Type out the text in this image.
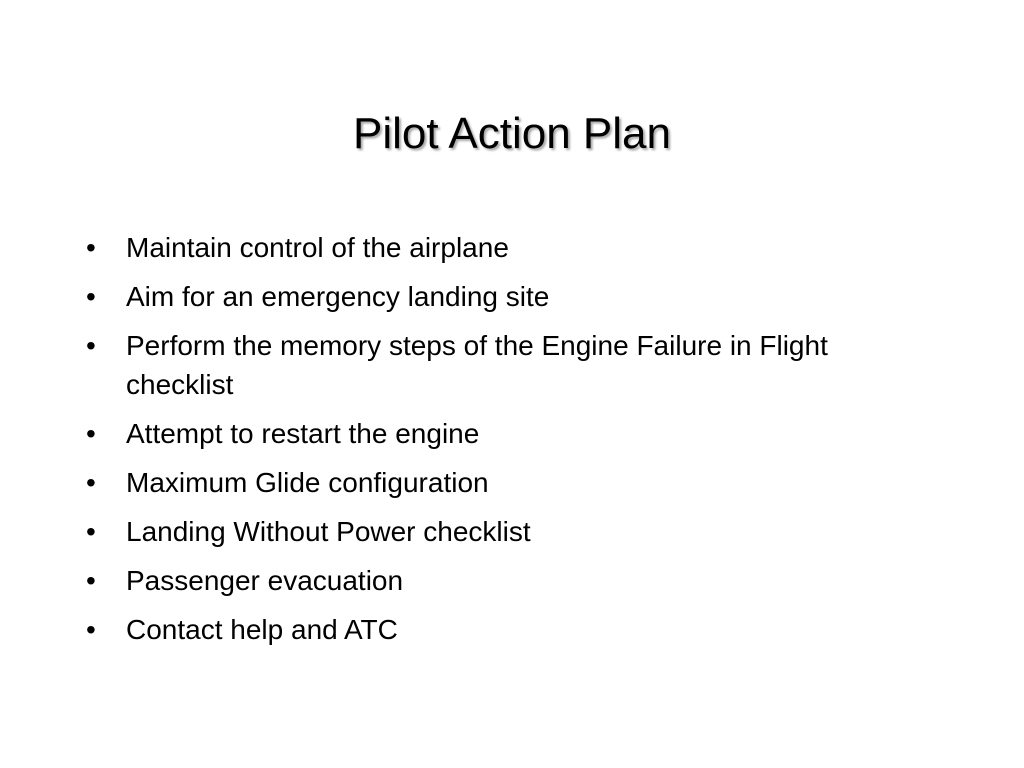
Pilot Action Plan
•	Maintain control of the airplane
•	Aim for an emergency landing site
•	Perform the memory steps of the Engine Failure in Flight checklist
•	Attempt to restart the engine
•	Maximum Glide configuration
•	Landing Without Power checklist
•	Passenger evacuation
•	Contact help and ATC
